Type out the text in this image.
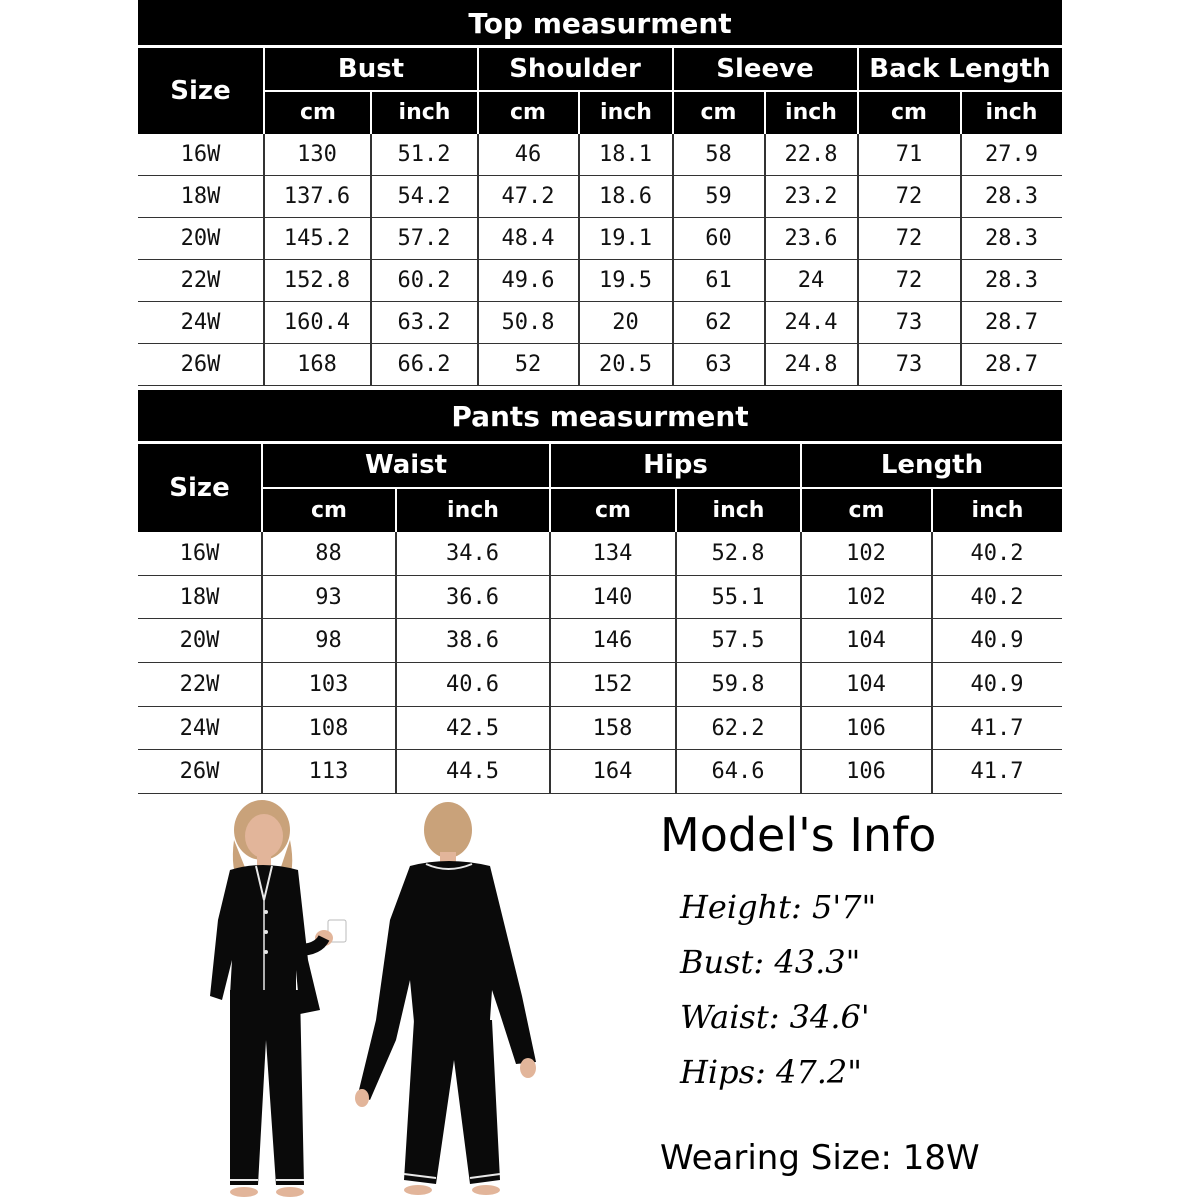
Top measurment
Size
Bust	Shoulder	Sleeve	Back Length
cm	inch	cm	inch	cm	inch	cm	inch
16W	130	51.2	46	18.1	58	22.8	71	27.9
18W	137.6	54.2	47.2	18.6	59	23.2	72	28.3
20W	145.2	57.2	48.4	19.1	60	23.6	72	28.3
22W	152.8	60.2	49.6	19.5	61	24	72	28.3
24W	160.4	63.2	50.8	20	62	24.4	73	28.7
26W	168	66.2	52	20.5	63	24.8	73	28.7
Pants measurment
Size
Waist	Hips	Length
cm	inch	cm	inch	cm	inch
16W	88	34.6	134	52.8	102	40.2
18W	93	36.6	140	55.1	102	40.2
20W	98	38.6	146	57.5	104	40.9
22W	103	40.6	152	59.8	104	40.9
24W	108	42.5	158	62.2	106	41.7
26W	113	44.5	164	64.6	106	41.7
Model's Info
Height: 5'7"
Bust: 43.3"
Waist: 34.6'
Hips: 47.2"
Wearing Size: 18W
